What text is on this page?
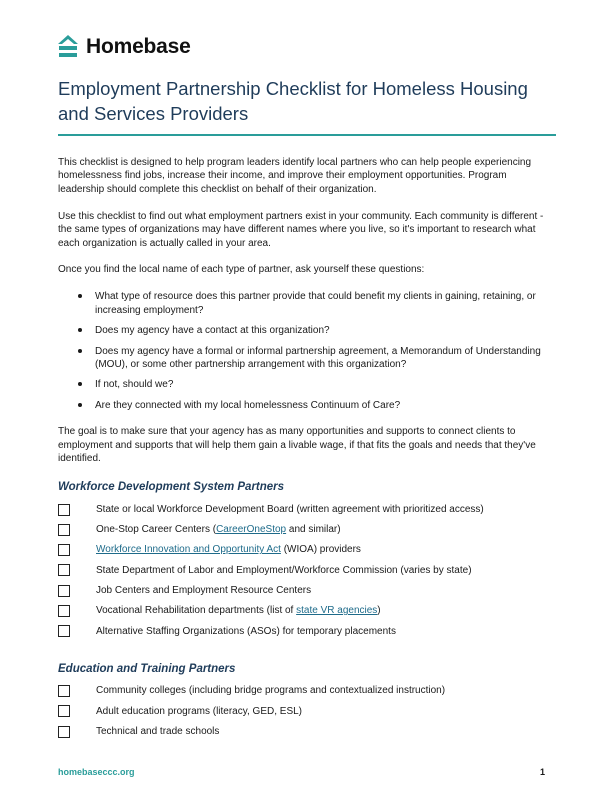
Homebase
Employment Partnership Checklist for Homeless Housing and Services Providers

This checklist is designed to help program leaders identify local partners who can help people experiencing homelessness find jobs, increase their income, and improve their employment opportunities. Program leadership should complete this checklist on behalf of their organization.

Use this checklist to find out what employment partners exist in your community. Each community is different - the same types of organizations may have different names where you live, so it's important to research what each organization is actually called in your area.

Once you find the local name of each type of partner, ask yourself these questions:

What type of resource does this partner provide that could benefit my clients in gaining, retaining, or increasing employment?
Does my agency have a contact at this organization?
Does my agency have a formal or informal partnership agreement, a Memorandum of Understanding (MOU), or some other partnership arrangement with this organization?
If not, should we?
Are they connected with my local homelessness Continuum of Care?

The goal is to make sure that your agency has as many opportunities and supports to connect clients to employment and supports that will help them gain a livable wage, if that fits the goals and needs that they've identified.

Workforce Development System Partners
State or local Workforce Development Board (written agreement with prioritized access)
One-Stop Career Centers (CareerOneStop and similar)
Workforce Innovation and Opportunity Act (WIOA) providers
State Department of Labor and Employment/Workforce Commission (varies by state)
Job Centers and Employment Resource Centers
Vocational Rehabilitation departments (list of state VR agencies)
Alternative Staffing Organizations (ASOs) for temporary placements
Education and Training Partners
Community colleges (including bridge programs and contextualized instruction)
Adult education programs (literacy, GED, ESL)
Technical and trade schools
homebaseccc.org	1
